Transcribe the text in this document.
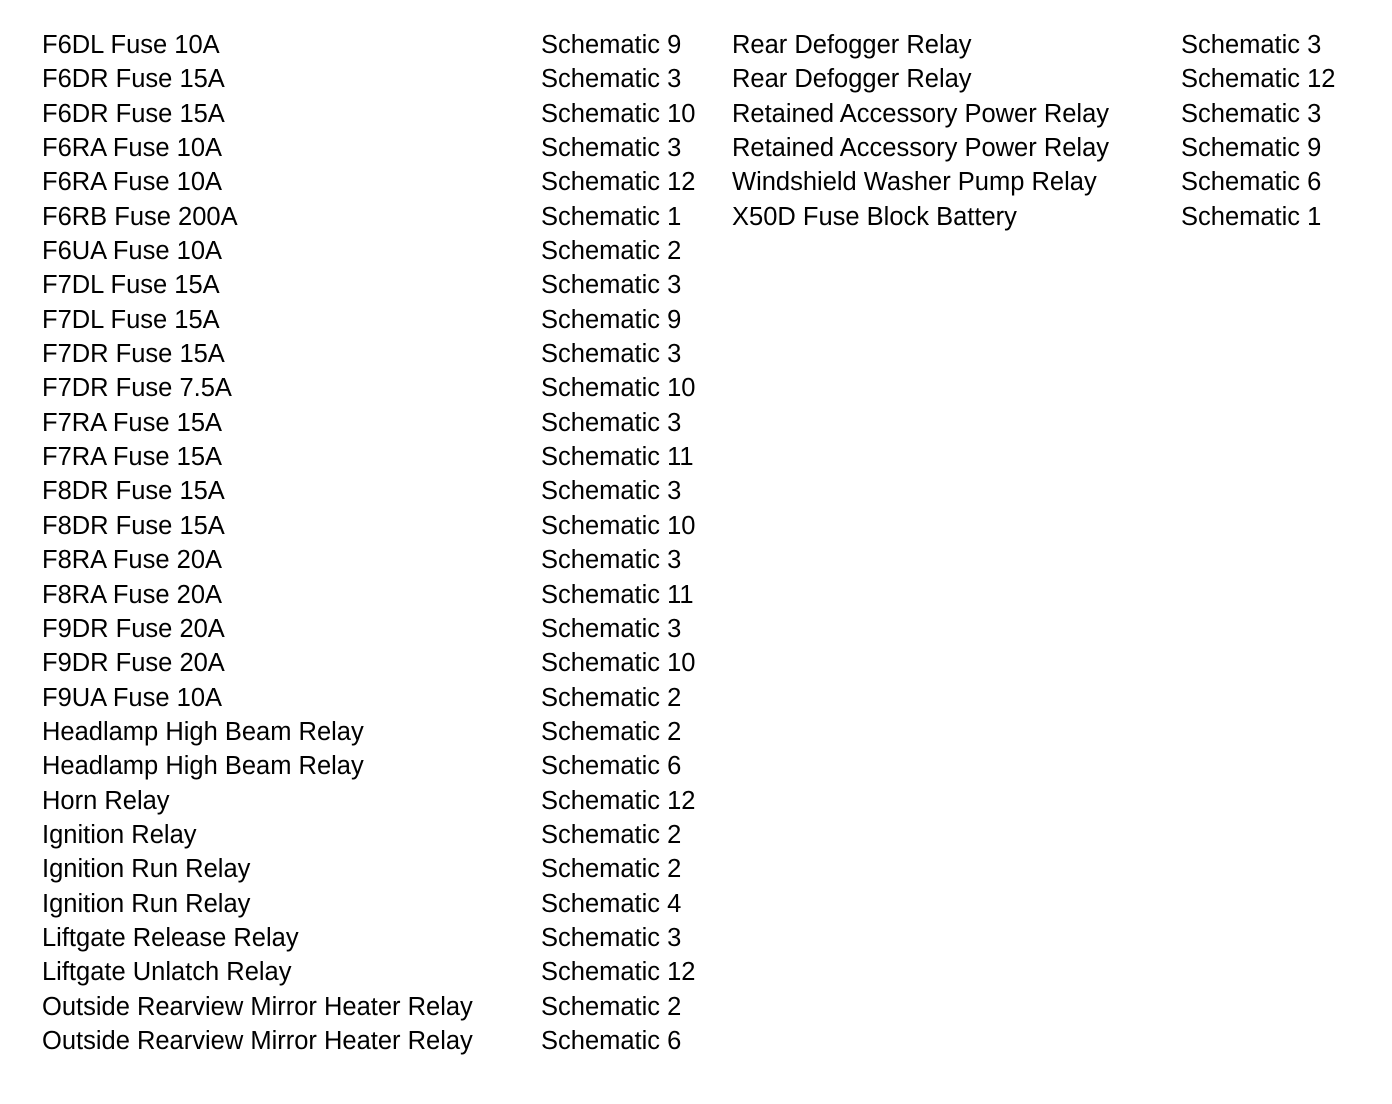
F6DL Fuse 10A	Schematic 9
F6DR Fuse 15A	Schematic 3
F6DR Fuse 15A	Schematic 10
F6RA Fuse 10A	Schematic 3
F6RA Fuse 10A	Schematic 12
F6RB Fuse 200A	Schematic 1
F6UA Fuse 10A	Schematic 2
F7DL Fuse 15A	Schematic 3
F7DL Fuse 15A	Schematic 9
F7DR Fuse 15A	Schematic 3
F7DR Fuse 7.5A	Schematic 10
F7RA Fuse 15A	Schematic 3
F7RA Fuse 15A	Schematic 11
F8DR Fuse 15A	Schematic 3
F8DR Fuse 15A	Schematic 10
F8RA Fuse 20A	Schematic 3
F8RA Fuse 20A	Schematic 11
F9DR Fuse 20A	Schematic 3
F9DR Fuse 20A	Schematic 10
F9UA Fuse 10A	Schematic 2
Headlamp High Beam Relay	Schematic 2
Headlamp High Beam Relay	Schematic 6
Horn Relay	Schematic 12
Ignition Relay	Schematic 2
Ignition Run Relay	Schematic 2
Ignition Run Relay	Schematic 4
Liftgate Release Relay	Schematic 3
Liftgate Unlatch Relay	Schematic 12
Outside Rearview Mirror Heater Relay	Schematic 2
Outside Rearview Mirror Heater Relay	Schematic 6
Rear Defogger Relay	Schematic 3
Rear Defogger Relay	Schematic 12
Retained Accessory Power Relay	Schematic 3
Retained Accessory Power Relay	Schematic 9
Windshield Washer Pump Relay	Schematic 6
X50D Fuse Block Battery	Schematic 1
